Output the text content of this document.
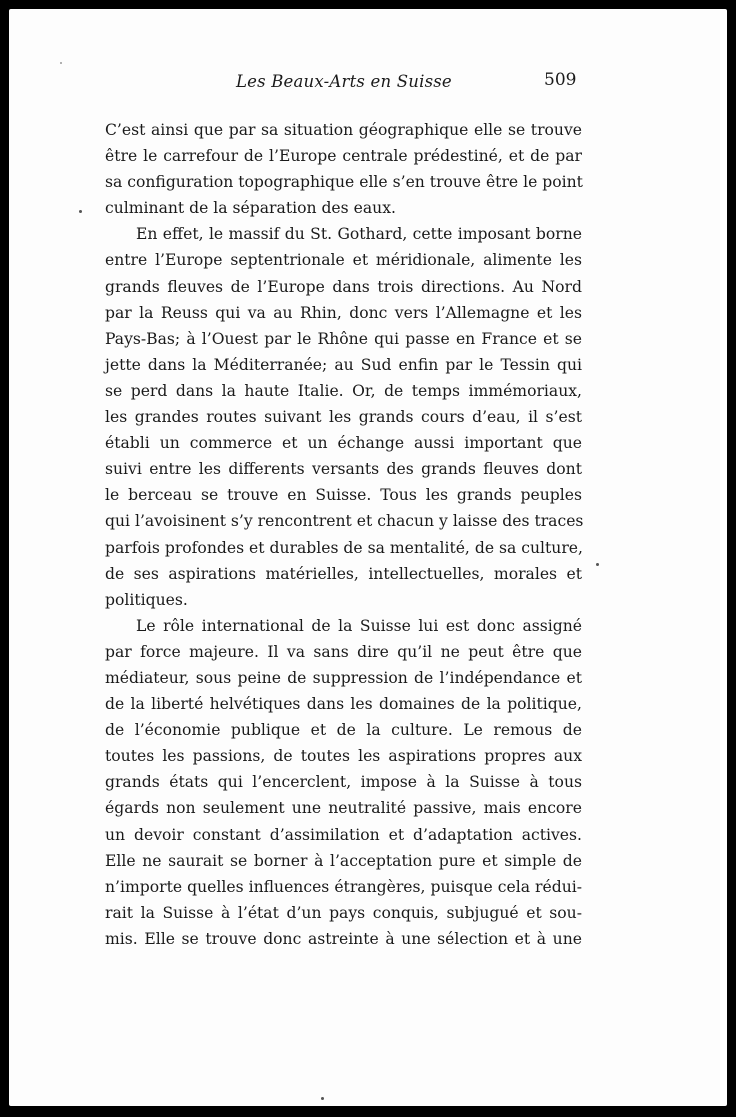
Les Beaux-Arts en Suisse	509
C’est ainsi que par sa situation géographique elle se trouve
être le carrefour de l’Europe centrale prédestiné, et de par
sa configuration topographique elle s’en trouve être le point
culminant de la séparation des eaux.
En effet, le massif du St. Gothard, cette imposant borne
entre l’Europe septentrionale et méridionale, alimente les
grands fleuves de l’Europe dans trois directions. Au Nord
par la Reuss qui va au Rhin, donc vers l’Allemagne et les
Pays-Bas; à l’Ouest par le Rhône qui passe en France et se
jette dans la Méditerranée; au Sud enfin par le Tessin qui
se perd dans la haute Italie. Or, de temps immémoriaux,
les grandes routes suivant les grands cours d’eau, il s’est
établi un commerce et un échange aussi important que
suivi entre les differents versants des grands fleuves dont
le berceau se trouve en Suisse. Tous les grands peuples
qui l’avoisinent s’y rencontrent et chacun y laisse des traces
parfois profondes et durables de sa mentalité, de sa culture,
de ses aspirations matérielles, intellectuelles, morales et
politiques.
Le rôle international de la Suisse lui est donc assigné
par force majeure. Il va sans dire qu’il ne peut être que
médiateur, sous peine de suppression de l’indépendance et
de la liberté helvétiques dans les domaines de la politique,
de l’économie publique et de la culture. Le remous de
toutes les passions, de toutes les aspirations propres aux
grands états qui l’encerclent, impose à la Suisse à tous
égards non seulement une neutralité passive, mais encore
un devoir constant d’assimilation et d’adaptation actives.
Elle ne saurait se borner à l’acceptation pure et simple de
n’importe quelles influences étrangères, puisque cela rédui-
rait la Suisse à l’état d’un pays conquis, subjugué et sou-
mis. Elle se trouve donc astreinte à une sélection et à une
